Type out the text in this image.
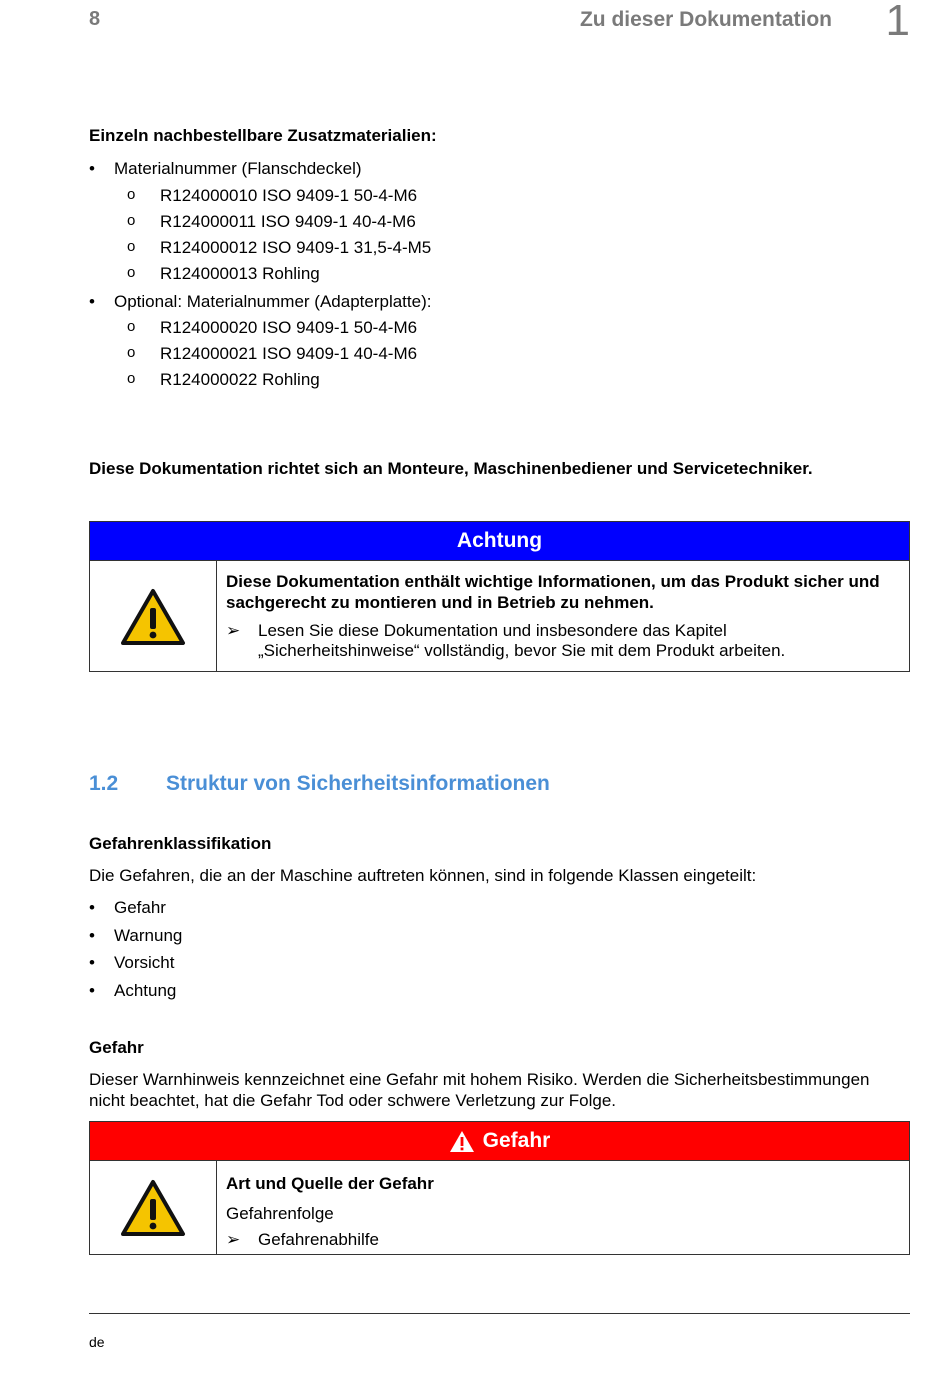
8	Zu dieser Dokumentation 1
Einzeln nachbestellbare Zusatzmaterialien:
• Materialnummer (Flanschdeckel)
o R124000010 ISO 9409-1 50-4-M6
o R124000011 ISO 9409-1 40-4-M6
o R124000012 ISO 9409-1 31,5-4-M5
o R124000013 Rohling
• Optional: Materialnummer (Adapterplatte):
o R124000020 ISO 9409-1 50-4-M6
o R124000021 ISO 9409-1 40-4-M6
o R124000022 Rohling
Diese Dokumentation richtet sich an Monteure, Maschinenbediener und Servicetechniker.
Achtung
Diese Dokumentation enthält wichtige Informationen, um das Produkt sicher und sachgerecht zu montieren und in Betrieb zu nehmen.
➢ Lesen Sie diese Dokumentation und insbesondere das Kapitel
„Sicherheitshinweise“ vollständig, bevor Sie mit dem Produkt arbeiten.
1.2 Struktur von Sicherheitsinformationen
Gefahrenklassifikation
Die Gefahren, die an der Maschine auftreten können, sind in folgende Klassen eingeteilt:
• Gefahr
• Warnung
• Vorsicht
• Achtung
Gefahr
Dieser Warnhinweis kennzeichnet eine Gefahr mit hohem Risiko. Werden die Sicherheitsbestimmungen nicht beachtet, hat die Gefahr Tod oder schwere Verletzung zur Folge.
Gefahr
Art und Quelle der Gefahr
Gefahrenfolge
➢ Gefahrenabhilfe
de
